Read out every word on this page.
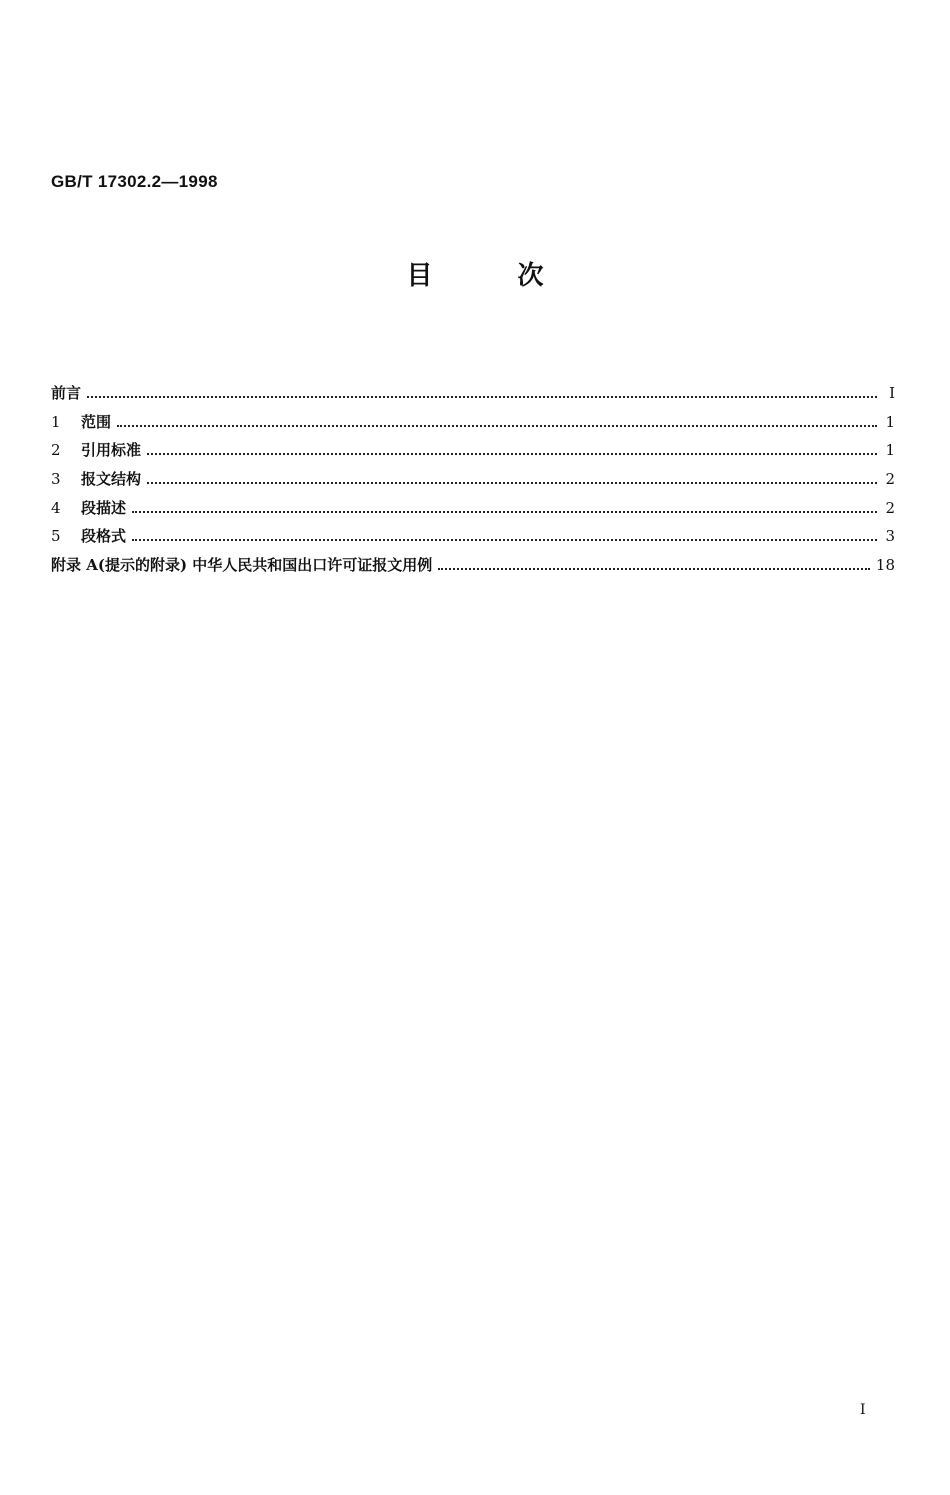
GB/T 17302.2—1998
目次
前言	Ⅰ
1	范围	1
2	引用标准	1
3	报文结构	2
4	段描述	2
5	段格式	3
附录 A(提示的附录) 中华人民共和国出口许可证报文用例	18
I
